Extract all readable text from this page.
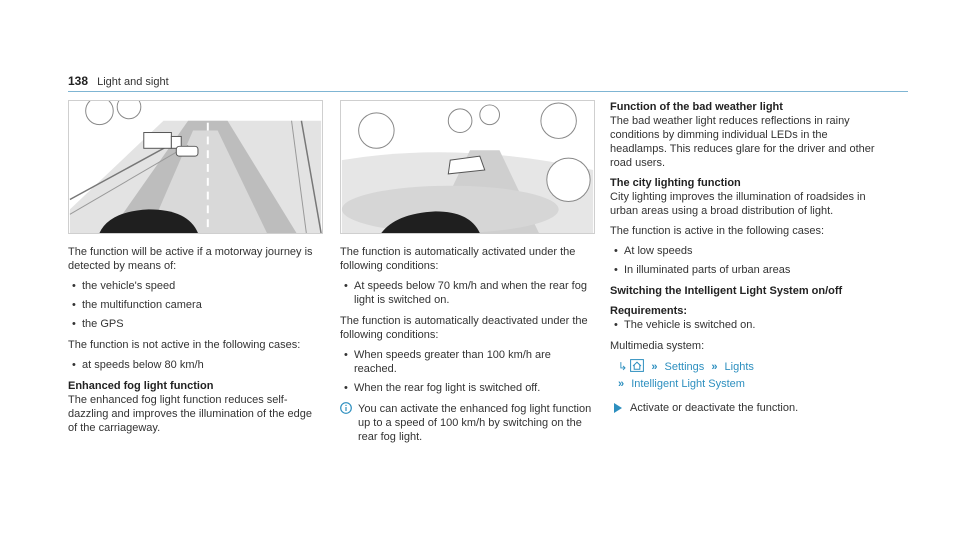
138 Light and sight

The function will be active if a motorway journey is detected by means of:

• the vehicle's speed
• the multifunction camera
• the GPS

The function is not active in the following cases:

• at speeds below 80 km/h

Enhanced fog light function

The enhanced fog light function reduces self-dazzling and improves the illumination of the edge of the carriageway.

The function is automatically activated under the following conditions:

• At speeds below 70 km/h and when the rear fog light is switched on.

The function is automatically deactivated under the following conditions:

• When speeds greater than 100 km/h are reached.
• When the rear fog light is switched off.
You can activate the enhanced fog light function up to a speed of 100 km/h by switching on the rear fog light.

Function of the bad weather light

The bad weather light reduces reflections in rainy conditions by dimming individual LEDs in the headlamps. This reduces glare for the driver and other road users.

The city lighting function

City lighting improves the illumination of roadsides in urban areas using a broad distribution of light.

The function is active in the following cases:

• At low speeds
• In illuminated parts of urban areas

Switching the Intelligent Light System on/off

Requirements:

• The vehicle is switched on.

Multimedia system:

↳ » Settings » Lights
» Intelligent Light System
Activate or deactivate the function.
